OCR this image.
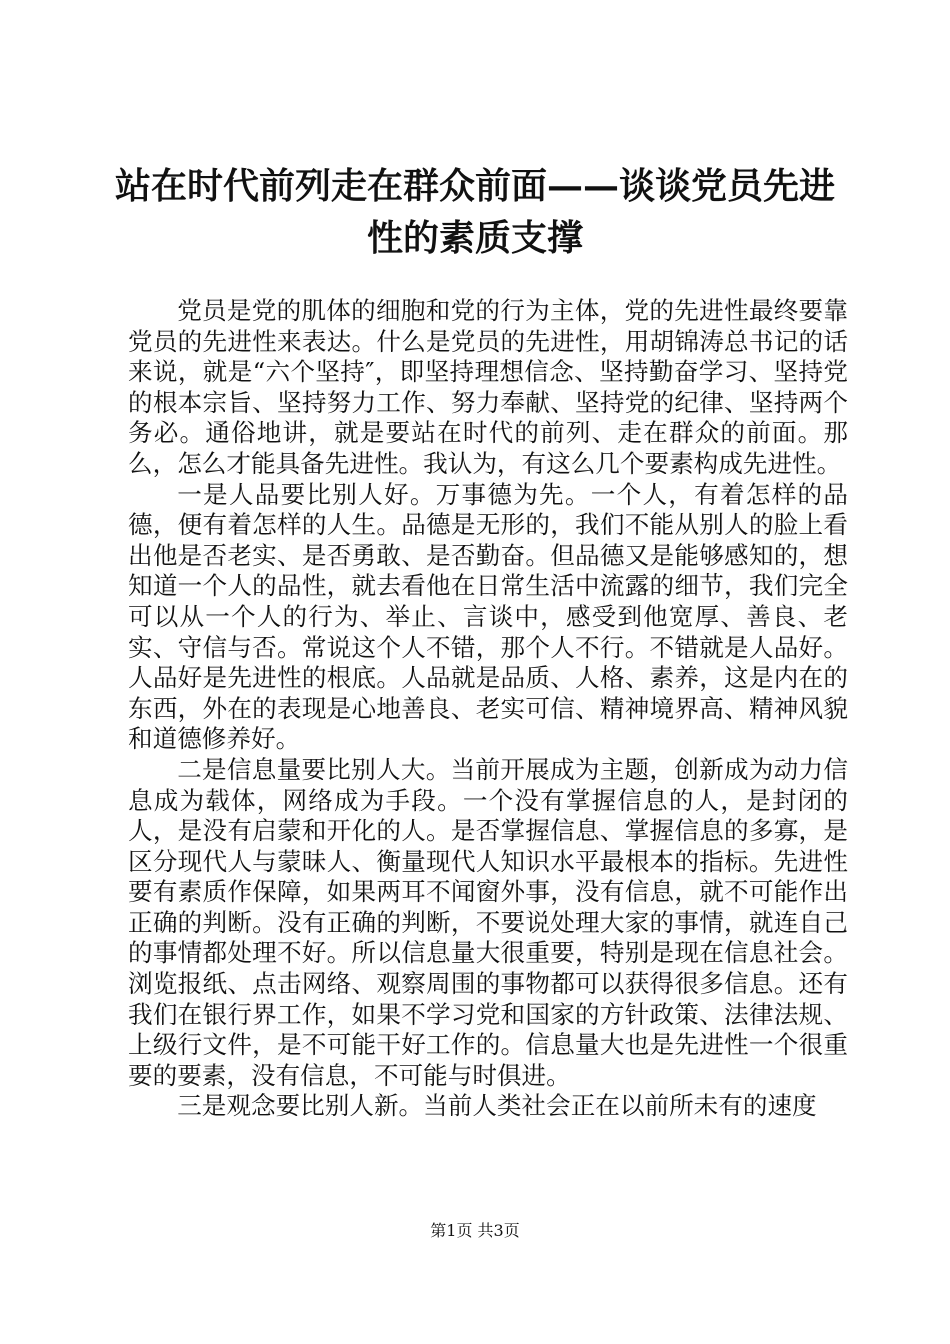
站在时代前列走在群众前面——谈谈党员先进性的素质支撑

党员是党的肌体的细胞和党的行为主体，党的先进性最终要靠党员的先进性来表达。什么是党员的先进性，用胡锦涛总书记的话来说，就是“六个坚持″，即坚持理想信念、坚持勤奋学习、坚持党的根本宗旨、坚持努力工作、努力奉献、坚持党的纪律、坚持两个务必。通俗地讲，就是要站在时代的前列、走在群众的前面。那么，怎么才能具备先进性。我认为，有这么几个要素构成先进性。

一是人品要比别人好。万事德为先。一个人，有着怎样的品德，便有着怎样的人生。品德是无形的，我们不能从别人的脸上看出他是否老实、是否勇敢、是否勤奋。但品德又是能够感知的，想知道一个人的品性，就去看他在日常生活中流露的细节，我们完全可以从一个人的行为、举止、言谈中，感受到他宽厚、善良、老实、守信与否。常说这个人不错，那个人不行。不错就是人品好。人品好是先进性的根底。人品就是品质、人格、素养，这是内在的东西，外在的表现是心地善良、老实可信、精神境界高、精神风貌和道德修养好。

二是信息量要比别人大。当前开展成为主题，创新成为动力信息成为载体，网络成为手段。一个没有掌握信息的人，是封闭的人，是没有启蒙和开化的人。是否掌握信息、掌握信息的多寡，是区分现代人与蒙昧人、衡量现代人知识水平最根本的指标。先进性要有素质作保障，如果两耳不闻窗外事，没有信息，就不可能作出正确的判断。没有正确的判断，不要说处理大家的事情，就连自己的事情都处理不好。所以信息量大很重要，特别是现在信息社会。浏览报纸、点击网络、观察周围的事物都可以获得很多信息。还有我们在银行界工作，如果不学习党和国家的方针政策、法律法规、上级行文件，是不可能干好工作的。信息量大也是先进性一个很重要的要素，没有信息，不可能与时俱进。

三是观念要比别人新。当前人类社会正在以前所未有的速度

第1页 共3页
